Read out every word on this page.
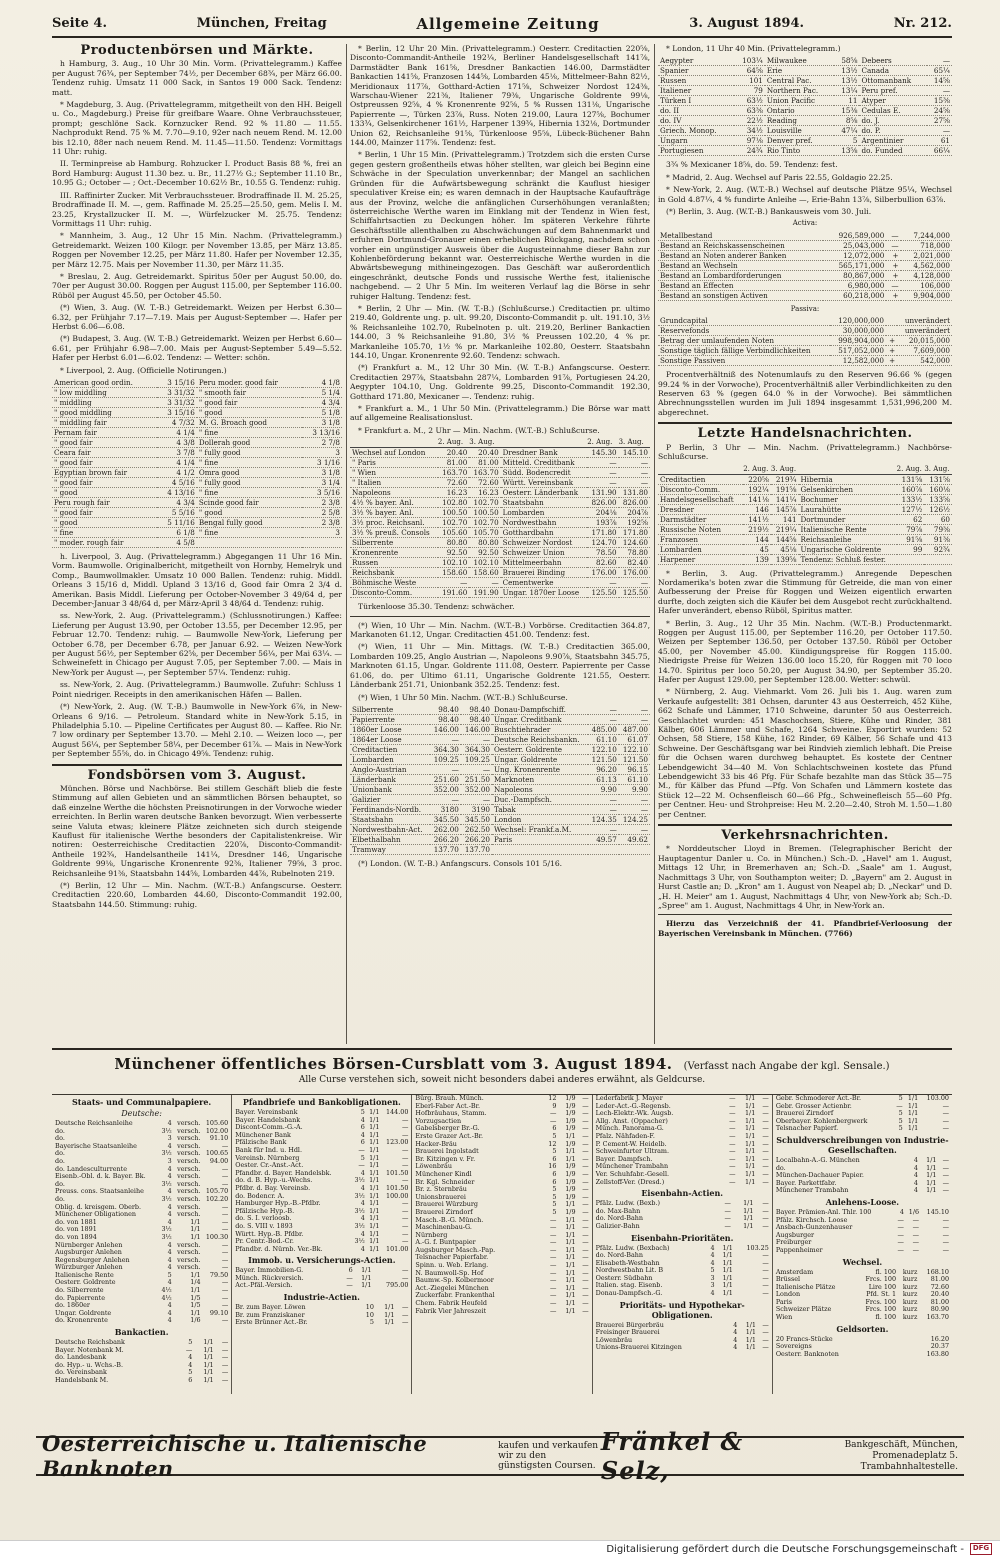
Seite 4.	München, Freitag	Allgemeine Zeitung	3. August 1894.	Nr. 212.
Productenbörsen und Märkte.
h Hamburg, 3. Aug., 10 Uhr 30 Min. Vorm. (Privattelegramm.) Kaffee per August 76¾, per September 74½, per December 68¾, per März 66.00. Tendenz ruhig. Umsatz 11 000 Sack, in Santos 19 000 Sack. Tendenz: matt.
* Magdeburg, 3. Aug. (Privattelegramm, mitgetheilt von den HH. Beigell u. Co., Magdeburg.) Preise für greifbare Waare. Ohne Verbrauchssteuer, prompt; geschlöne Sack. Kornzucker Rend. 92 % 11.80 — 11.55. Nachprodukt Rend. 75 % M. 7.70—9.10, 92er nach neuem Rend. M. 12.00 bis 12.10, 88er nach neuem Rend. M. 11.45—11.50. Tendenz: Vormittags 11 Uhr: ruhig.
II. Terminpreise ab Hamburg. Rohzucker I. Product Basis 88 %, frei an Bord Hamburg: August 11.30 bez. u. Br., 11.27½ G.; September 11.10 Br., 10.95 G.; October — ; Oct.-December 10.62½ Br., 10.55 G. Tendenz: ruhig.
III. Raffinirter Zucker. Mit Verbrauchssteuer. Brodraffinade II. M. 25.25, Brodraffinade II. M. —, gem. Raffinade M. 25.25—25.50, gem. Melis I. M. 23.25, Krystallzucker II. M. —, Würfelzucker M. 25.75. Tendenz: Vormittags 11 Uhr: ruhig.
* Mannheim, 3. Aug., 12 Uhr 15 Min. Nachm. (Privattelegramm.) Getreidemarkt. Weizen 100 Kilogr. per November 13.85, per März 13.85. Roggen per November 12.25, per März 11.80. Hafer per November 12.35, per März 12.75. Mais per November 11.30, per März 11.35.
* Breslau, 2. Aug. Getreidemarkt. Spiritus 50er per August 50.00, do. 70er per August 30.00. Roggen per August 115.00, per September 116.00. Rüböl per August 45.50, per October 45.50.
(*) Wien, 3. Aug. (W. T.-B.) Getreidemarkt. Weizen per Herbst 6.30—6.32, per Frühjahr 7.17—7.19. Mais per August-September —. Hafer per Herbst 6.06—6.08.
(*) Budapest, 3. Aug. (W. T.-B.) Getreidemarkt. Weizen per Herbst 6.60—6.61, per Frühjahr 6.98—7.00. Mais per August-September 5.49—5.52. Hafer per Herbst 6.01—6.02. Tendenz: — Wetter: schön.
* Liverpool, 2. Aug. (Officielle Notirungen.)
American good ordin.	3 15/16	Peru moder. good fair	4 1/8
" low middling	3 31/32	" smooth fair	5 1/4
" middling	3 31/32	" good fair	4 3/4
" good middling	3 15/16	" good	5 1/8
" middling fair	4 7/32	M. G. Broach good	3 1/8
Pernam fair	4 1/4	" fine	3 13/16
" good fair	4 3/8	Dollerah good	2 7/8
Ceara fair	3 7/8	" fully good	3
" good fair	4 1/4	" fine	3 1/16
Egyptian brown fair	4 1/2	Omra good	3 1/8
" good fair	4 5/16	" fully good	3 1/4
" good	4 13/16	" fine	3 5/16
Peru rough fair	4 3/4	Scinde good fair	2 3/8
" good fair	5 5/16	" good	2 5/8
" good	5 11/16	Bengal fully good	2 3/8
" fine	6 1/8	" fine	3
" moder. rough fair	4 5/8		
h. Liverpool, 3. Aug. (Privattelegramm.) Abgegangen 11 Uhr 16 Min. Vorm. Baumwolle. Originalbericht, mitgetheilt von Hornby, Hemelryk und Comp., Baumwollmakler. Umsatz 10 000 Ballen. Tendenz: ruhig. Middl. Orleans 3 15/16 d, Middl. Upland 3 13/16 d, Good fair Omra 2 3/4 d. Amerikan. Basis Middl. Lieferung per October-November 3 49/64 d, per December-Januar 3 48/64 d, per März-April 3 48/64 d. Tendenz: ruhig.
ss. New-York, 2. Aug. (Privattelegramm.) (Schlussnotirungen.) Kaffee: Lieferung per August 13.90, per October 13.55, per December 12.95, per Februar 12.70. Tendenz: ruhig. — Baumwolle New-York, Lieferung per October 6.78, per December 6.78, per Januar 6.92. — Weizen New-York per August 56½, per September 62⅝, per December 56¼, per Mai 63¼. — Schweinefett in Chicago per August 7.05, per September 7.00. — Mais in New-York per August —, per September 57¼. Tendenz: ruhig.
ss. New-York, 2. Aug. (Privattelegramm.) Baumwolle. Zufuhr: Schluss 1 Point niedriger. Receipts in den amerikanischen Häfen — Ballen.
(*) New-York, 2. Aug. (W. T.-B.) Baumwolle in New-York 6⅞, in New-Orleans 6 9/16. — Petroleum. Standard white in New-York 5.15, in Philadelphia 5.10. — Pipeline Certificates per August 80. — Kaffee. Rio Nr. 7 low ordinary per September 13.70. — Mehl 2.10. — Weizen loco —, per August 56¼, per September 58¼, per December 61⅞. — Mais in New-York per September 55⅝, do. in Chicago 49⅝. Tendenz: ruhig.
Fondsbörsen vom 3. August.
München. Börse und Nachbörse. Bei stillem Geschäft blieb die feste Stimmung auf allen Gebieten und an sämmtlichen Börsen behauptet, so daß einzelne Werthe die höchsten Preisnotirungen in der Vorwoche wieder erreichten. In Berlin waren deutsche Banken bevorzugt. Wien verbesserte seine Valuta etwas; kleinere Plätze zeichneten sich durch steigende Kauflust für italienische Werthe besonders der Capitalistenkreise. Wir notiren: Oesterreichische Creditactien 220⅞, Disconto-Commandit-Antheile 192¾, Handelsantheile 141¼, Dresdner 146, Ungarische Goldrente 99⅛, Ungarische Kronenrente 92⅜, Italiener 79⅝, 3 proc. Reichsanleihe 91⅜, Staatsbahn 144⅝, Lombarden 44⅞, Rubelnoten 219.
(*) Berlin, 12 Uhr — Min. Nachm. (W.T.-B.) Anfangscurse. Oesterr. Creditactien 220.60, Lombarden 44.60, Disconto-Commandit 192.00, Staatsbahn 144.50. Stimmung: ruhig.
* Berlin, 12 Uhr 20 Min. (Privattelegramm.) Oesterr. Creditactien 220⅝, Disconto-Commandit-Antheile 192¼, Berliner Handelsgesellschaft 141⅞, Darmstädter Bank 161⅝, Dresdner Bankactien 146.00, Darmstädter Bankactien 141⅝, Franzosen 144⅝, Lombarden 45⅛, Mittelmeer-Bahn 82½, Meridionaux 117⅞, Gotthard-Actien 171⅝, Schweizer Nordost 124⅜, Warschau-Wiener 221⅜, Italiener 79⅜, Ungarische Goldrente 99⅛, Ostpreussen 92⅝, 4 % Kronenrente 92⅝, 5 % Russen 131⅛, Ungarische Papierrente —, Türken 23⅞, Russ. Noten 219.00, Laura 127⅝, Bochumer 133¾, Gelsenkirchener 161½, Harpener 139¾, Hibernia 132⅛, Dortmunder Union 62, Reichsanleihe 91⅝, Türkenloose 95⅝, Lübeck-Büchener Bahn 144.00, Mainzer 117⅝. Tendenz: fest.
* Berlin, 1 Uhr 15 Min. (Privattelegramm.) Trotzdem sich die ersten Curse gegen gestern großentheils etwas höher stellten, war gleich bei Beginn eine Schwäche in der Speculation unverkennbar; der Mangel an sachlichen Gründen für die Aufwärtsbewegung schränkt die Kauflust hiesiger speculativer Kreise ein; es waren demnach in der Hauptsache Kaufaufträge aus der Provinz, welche die anfänglichen Curserhöhungen veranlaßten; österreichische Werthe waren im Einklang mit der Tendenz in Wien fest, Schiffahrtsactien zu Deckungen höher. Im späteren Verkehre führte Geschäftsstille allenthalben zu Abschwächungen auf dem Bahnenmarkt und erfuhren Dortmund-Gronauer einen erheblichen Rückgang, nachdem schon vorher ein ungünstiger Ausweis über die Augusteinnahme dieser Bahn zur Kohlenbeförderung bekannt war. Oesterreichische Werthe wurden in die Abwärtsbewegung mithineingezogen. Das Geschäft war außerordentlich eingeschränkt, deutsche Fonds und russische Werthe fest, italienische nachgebend. — 2 Uhr 5 Min. Im weiteren Verlauf lag die Börse in sehr ruhiger Haltung. Tendenz: fest.
* Berlin, 2 Uhr — Min. (W. T.-B.) (Schlußcurse.) Creditactien pr. ultimo 219.40, Goldrente ung. p. ult. 99.20, Disconto-Commandit p. ult. 191.10, 3½ % Reichsanleihe 102.70, Rubelnoten p. ult. 219.20, Berliner Bankactien 144.00, 3 % Reichsanleihe 91.80, 3½ % Preussen 102.20, 4 % pr. Markanleihe 105.70, 1½ % pr. Markanleihe 102.80, Oesterr. Staatsbahn 144.10, Ungar. Kronenrente 92.60. Tendenz: schwach.
(*) Frankfurt a. M., 12 Uhr 30 Min. (W. T.-B.) Anfangscurse. Oesterr. Creditactien 297⅞, Staatsbahn 287¼, Lombarden 91⅞, Portugiesen 24.20, Aegypter 104.10, Ung. Goldrente 99.25, Disconto-Commandit 192.30, Gotthard 171.80, Mexicaner —. Tendenz: ruhig.
* Frankfurt a. M., 1 Uhr 50 Min. (Privattelegramm.) Die Börse war matt auf allgemeine Realisationslust.
* Frankfurt a. M., 2 Uhr — Min. Nachm. (W.T.-B.) Schlußcurse.
	2. Aug.	3. Aug.		2. Aug.	3. Aug.
Wechsel auf London	20.40	20.40	Dresdner Bank	145.30	145.10
" Paris	81.00	81.00	Mitteld. Creditbank	—	—
" Wien	163.70	163.70	Südd. Bodencredit	—	—
" Italien	72.60	72.60	Württ. Vereinsbank	—	—
Napoleons	16.23	16.23	Oesterr. Länderbank	131.90	131.80
4½ % bayer. Anl.	102.80	102.70	Staatsbahn	826.00	826.00
3½ % bayer. Anl.	100.50	100.50	Lombarden	204⅛	204⅞
3½ proc. Reichsanl.	102.70	102.70	Nordwestbahn	193⅞	192⅝
3½ % preuß. Consols	105.60	105.70	Gotthardbahn	171.80	171.80
Silberrente	80.80	80.80	Schweizer Nordost	124.70	124.60
Kronenrente	92.50	92.50	Schweizer Union	78.50	78.80
Russen	102.10	102.10	Mittelmeerbahn	82.60	82.40
Reichsbank	158.60	158.60	Brauerei Binding	176.00	176.00
Böhmische Weste	—	—	Cementwerke	—	—
Disconto-Comm.	191.60	191.90	Ungar. 1870er Loose	125.50	125.50
Türkenloose 35.30. Tendenz: schwächer.
(*) Wien, 10 Uhr — Min. Nachm. (W.T.-B.) Vorbörse. Creditactien 364.87, Markanoten 61.12, Ungar. Creditactien 451.00. Tendenz: fest.
(*) Wien, 11 Uhr — Min. Mittags. (W. T.-B.) Creditactien 365.00, Lombarden 109.25, Anglo Austrian —, Napoleons 9.90⅞, Staatsbahn 345.75, Marknoten 61.15, Ungar. Goldrente 111.08, Oesterr. Papierrente per Casse 61.06, do. per Ultimo 61.11, Ungarische Goldrente 121.55, Oesterr. Länderbank 251.71, Unionbank 352.25. Tendenz: fest.
(*) Wien, 1 Uhr 50 Min. Nachm. (W.T.-B.) Schlußcurse.
Silberrente	98.40	98.40	Donau-Dampfschiff.	—	—
Papierrente	98.40	98.40	Ungar. Creditbank	—	—
1860er Loose	146.00	146.00	Buschtiehrader	485.00	487.00
1864er Loose	—	—	Deutsche Reichsbankn.	61.10	61.07
Creditactien	364.30	364.30	Oesterr. Goldrente	122.10	122.10
Lombarden	109.25	109.25	Ungar. Goldrente	121.50	121.50
Anglo-Austrian	—	—	Ung. Kronenrente	96.20	96.15
Länderbank	251.60	251.50	Marknoten	61.13	61.10
Unionbank	352.00	352.00	Napoleons	9.90	9.90
Galizier	—	—	Duc.-Dampfsch.	—	—
Ferdinands-Nordb.	3180	3190	Tabak	—	—
Staatsbahn	345.50	345.50	London	124.35	124.25
Nordwestbahn-Act.	262.00	262.50	Wechsel: Frankf.a.M.	—	—
Elbethalbahn	266.20	266.20	Paris	49.57	49.62
Tramway	137.70	137.70			
(*) London. (W. T.-B.) Anfangscurs. Consols 101 5/16.
* London, 11 Uhr 40 Min. (Privattelegramm.)
Aegypter	103¼	Milwaukee	58⅝	Debeers	—
Spanier	64⅝	Erie	13½	Canada	65¼
Russen	101	Central Pac.	13½	Ottomanbank	14⅝
Italiener	79	Northern Pac.	13¼	Peru pref.	—
Türken I	63½	Union Pacific	11	Atyper	15⅜
do. II	63⅜	Ontario	15⅜	Cedulas E.	24⅝
do. IV	22½	Reading	8⅝	do. J.	27⅝
Griech. Monop.	34½	Louisville	47¼	do. P.	—
Ungarn	97⅛	Denver pref.	5	Argentinier	61
Portugiesen	24¾	Rio Tinto	13⅝	do. Funded	66¼
3¾ % Mexicaner 18⅝, do. 59. Tendenz: fest.
* Madrid, 2. Aug. Wechsel auf Paris 22.55, Goldagio 22.25.
* New-York, 2. Aug. (W.T.-B.) Wechsel auf deutsche Plätze 95¼, Wechsel in Gold 4.87¼, 4 % fundirte Anleihe —, Erie-Bahn 13⅞, Silberbullion 63⅞.
(*) Berlin, 3. Aug. (W.T.-B.) Bankausweis vom 30. Juli.
Activa:
Metallbestand	926,589,000	—	7,244,000
Bestand an Reichskassenscheinen	25,043,000	—	718,000
Bestand an Noten anderer Banken	12,072,000	+	2,021,000
Bestand an Wechseln	565,171,000	+	4,562,000
Bestand an Lombardforderungen	80,867,000	+	4,128,000
Bestand an Effecten	6,980,000	—	106,000
Bestand an sonstigen Activen	60,218,000	+	9,904,000
Passiva:
Grundcapital	120,000,000		unverändert
Reservefonds	30,000,000		unverändert
Betrag der umlaufenden Noten	998,904,000	+	20,015,000
Sonstige täglich fällige Verbindlichkeiten	517,052,000	+	7,609,000
Sonstige Passiven	12,582,000	+	542,000
Procentverhältniß des Notenumlaufs zu den Reserven 96.66 % (gegen 99.24 % in der Vorwoche), Procentverhältniß aller Verbindlichkeiten zu den Reserven 63 % (gegen 64.0 % in der Vorwoche). Bei sämmtlichen Abrechnungsstellen wurden im Juli 1894 insgesammt 1,531,996,200 M. abgerechnet.
Letzte Handelsnachrichten.
P Berlin, 3 Uhr — Min. Nachm. (Privattelegramm.) Nachbörse-Schlußcurse.
	2. Aug.	3. Aug.		2. Aug.	3. Aug.
Creditactien	220⅝	219¾	Hibernia	131⅝	131⅝
Disconto-Comm.	192¼	191⅝	Gelsenkirchen	160⅞	160⅛
Handelsgesellschaft	141⅛	141¼	Bochumer	133½	133⅝
Dresdner	146	145⅞	Laurahütte	127½	126½
Darmstädter	141½	141	Dortmunder	62	60
Russische Noten	219½	219¼	Italienische Rente	79⅞	79⅜
Franzosen	144	144⅝	Reichsanleihe	91⅝	91⅜
Lombarden	45	45⅛	Ungarische Goldrente	99	92¾
Harpener	139	139⅝	Tendenz: Schluß fester.		
* Berlin, 3. Aug. (Privattelegramm.) Anregende Depeschen Nordamerika's boten zwar die Stimmung für Getreide, die man von einer Aufbesserung der Preise für Roggen und Weizen eigentlich erwarten durfte, doch zeigten sich die Käufer bei dem Ausgebot recht zurückhaltend. Hafer unverändert, ebenso Rüböl, Spiritus matter.
* Berlin, 3. Aug., 12 Uhr 35 Min. Nachm. (W.T.-B.) Productenmarkt. Roggen per August 115.00, per September 116.20, per October 117.50. Weizen per September 136.50, per October 137.50. Rüböl per October 45.00, per November 45.00. Kündigungspreise für Roggen 115.00. Niedrigste Preise für Weizen 136.00 loco 15.20, für Roggen mit 70 loco 14.70. Spiritus per loco 50.20, per August 34.90, per September 35.20. Hafer per August 129.00, per September 128.00. Wetter: schwül.
* Nürnberg, 2. Aug. Viehmarkt. Vom 26. Juli bis 1. Aug. waren zum Verkaufe aufgestellt: 381 Ochsen, darunter 43 aus Oesterreich, 452 Kühe, 662 Schafe und Lämmer, 1710 Schweine, darunter 50 aus Oesterreich. Geschlachtet wurden: 451 Maschochsen, Stiere, Kühe und Rinder, 381 Kälber, 606 Lämmer und Schafe, 1264 Schweine. Exportirt wurden: 52 Ochsen, 58 Stiere, 158 Kühe, 162 Rinder, 69 Kälber, 56 Schafe und 413 Schweine. Der Geschäftsgang war bei Rindvieh ziemlich lebhaft. Die Preise für die Ochsen waren durchweg behauptet. Es kostete der Centner Lebendgewicht 34—40 M. Von Schlachtschweinen kostete das Pfund Lebendgewicht 33 bis 46 Pfg. Für Schafe bezahlte man das Stück 35—75 M., für Kälber das Pfund —Pfg. Von Schafen und Lämmern kostete das Stück 12—22 M. Ochsenfleisch 60—66 Pfg., Schweinefleisch 55—60 Pfg. per Centner. Heu- und Strohpreise: Heu M. 2.20—2.40, Stroh M. 1.50—1.80 per Centner.
Verkehrsnachrichten.
* Norddeutscher Lloyd in Bremen. (Telegraphischer Bericht der Hauptagentur Danler u. Co. in München.) Sch.-D. „Havel" am 1. August, Mittags 12 Uhr, in Bremerhaven an; Sch.-D. „Saale" am 1. August, Nachmittags 3 Uhr, von Southampton weiter; D. „Bayern" am 2. August in Hurst Castle an; D. „Kron" am 1. August von Neapel ab; D. „Neckar" und D. „H. H. Meier" am 1. August, Nachmittags 4 Uhr, von New-York ab; Sch.-D. „Spree" am 1. August, Nachmittags 4 Uhr, in New-York an.
Hierzu das Verzeichniß der 41. Pfandbrief-Verloosung der Bayerischen Vereinsbank in München. (7766)
Münchener öffentliches Börsen-Cursblatt vom 3. August 1894. (Verfasst nach Angabe der kgl. Sensale.)
Alle Curse verstehen sich, soweit nicht besonders dabei anderes erwähnt, als Geldcurse.
Staats- und Communalpapiere.
Deutsche:
Deutsche Reichsanleihe	4	versch.	105.60
do.	3½	versch.	102.00
do.	3	versch.	91.10
Bayerische Staatsanleihe	4	versch.	—
do.	3½	versch.	100.65
do.	3	versch.	94.00
do. Landesculturrente	4	versch.	—
Eisenb.-Obl. d. k. Bayer. Bk.	4	versch.	—
do.	3½	versch.	—
Preuss. cons. Staatsanleihe	4	versch.	105.70
do.	3½	versch.	102.20
Oblig. d. kreisgem. Oberb.	4	versch.	—
Münchener Obligationen	4	versch.	—
do. von 1881	4	1/1	—
do. von 1891	3½	1/1	—
do. von 1894	3½	1/1	100.30
Nürnberger Anlehen	4	versch.	—
Augsburger Anlehen	4	versch.	—
Regensburger Anlehen	4	versch.	—
Würzburger Anlehen	4	versch.	—
Italienische Rente	5	1/1	79.50
Oesterr. Goldrente	4	1/4	—
do. Silberrente	4½	1/1	—
do. Papierrente	4½	1/5	—
do. 1860er	4	1/5	—
Ungar. Goldrente	4	1/1	99.10
do. Kronenrente	4	1/6	—
Bankactien.
Deutsche Reichsbank	5	1/1	—
Bayer. Notenbank M.	—	1/1	—
do. Landesbank	4	1/1	—
do. Hyp.- u. Wchs.-B.	4	1/1	—
do. Vereinsbank	5	1/1	—
Handelsbank M.	6	1/1	—
Pfandbriefe und Bankobligationen.
Bayer. Vereinsbank	5	1/1	144.00
Bayer. Handelsbank	4	1/1	—
Discont-Comm.-G.-A.	6	1/1	—
Münchener Bank	4	1/1	—
Pfälzische Bank	6	1/1	123.00
Bank für Ind. u. Hdl.	—	1/1	—
Vereinsb. Nürnberg	5	1/1	—
Oester. Cr.-Anst.-Act.	—	1/1	—
Pfandbr. d. Bayer. Handelsbk.	4	1/1	101.50
do. d. B. Hyp.-u.-Wechs.	3½	1/1	—
Pfdbr. d. Bay. Vereinsb.	4	1/1	101.50
do. Bodencr. A.	3½	1/1	100.00
Hamburger Hyp.-B.-Pfdbr.	4	1/1	—
Pfälzische Hyp.-B.	3½	1/1	—
do. S. I. verloosb.	4	1/1	—
do. S. VIII v. 1893	3½	1/1	—
Württ. Hyp.-B. Pfdbr.	4	1/1	—
Pr. Centr.-Bod.-Cr.	3½	1/1	—
Pfandbr. d. Nürnb. Ver.-Bk.	4	1/1	101.00
Immob. u. Versicherungs-Actien.
Bayer. Immobilien-G.	6	1/1	—
Münch. Rückversich.	—	1/1	—
Act.-Pfäl.-Versich.	—	1/1	795.00
Industrie-Actien.
Br. zum Bayer. Löwen	10	1/1	—
Br. zum Franziskaner	10	1/1	—
Erste Brünner Act.-Br.	5	1/1	—
Bürg. Brauh. Münch.	12	1/9	—
Eberl-Faber Act.-Br.	9	1/9	—
Hofbräuhaus, Stamm.	—	1/9	—
Vorzugsactien	—	1/9	—
Gabelsberger Br.-G.	6	1/9	—
Erste Grazer Act.-Br.	5	1/1	—
Hacker-Bräu	12	1/9	—
Brauerei Ingolstadt	5	1/1	—
Br. Kitzingen v. Fr.	6	1/1	—
Löwenbräu	16	1/9	—
Münchener Kindl	6	1/9	—
Br. Kgl. Schneider	6	1/9	—
Br. z. Sternbräu	5	1/9	—
Unionsbrauerei	5	1/9	—
Brauerei Würzburg	5	1/1	—
Brauerei Zirndorf	5	1/9	—
Masch.-B.-G. Münch.	—	1/1	—
Maschinenbau-G.	—	1/1	—
Nürnberg	—	1/1	—
A.-G. f. Buntpapier	—	1/1	—
Augsburger Masch.-Pap.	—	1/1	—
Telsnacher Papierfabr.	—	1/1	—
Spinn. u. Web. Erlang.	—	1/1	—
N. Baumwoll-Sp. Hof	—	1/1	—
Baumw.-Sp. Kolbermoor	—	1/1	—
Act.-Ziegelei München	—	1/1	—
Zuckerfabr. Frankenthal	—	1/1	—
Chem. Fabrik Heufeld	—	1/1	—
Fabrik Vier Jahreszeit	—	1/1	—
Lederfabrik J. Mayer	—	1/1	—
Leder-Act.-G.-Regensb.	—	1/1	—
Lech-Elektr.-Wk. Augsb.	—	1/1	—
Allg. Anst. (Oppacher)	—	1/1	—
Münch. Panorama-G.	—	1/1	—
Pfalz. Nähfaden-F.	—	1/1	—
P. Cement-W. Heidelb.	—	1/1	—
Schweinfurter Ultram.	—	1/1	—
Bayer. Dampfsch.	—	1/1	—
Münchener Trambahn	—	1/1	—
Ver. Schuhfabr.-Gesell.	—	1/1	—
Zellstoff-Ver. (Dresd.)	—	1/1	—
Eisenbahn-Actien.
Pfälz. Ludw. (Bexb.)	—	1/1	—
do. Max-Bahn	—	1/1	—
do. Nord-Bahn	—	1/1	—
Galizier-Bahn	—	1/1	—
Eisenbahn-Prioritäten.
Pfälz. Ludw. (Bexbach)	4	1/1	103.25
do. Nord-Bahn	4	1/1	—
Elisabeth-Westbahn	4	1/1	—
Nordwestbahn Lit. B	5	1/1	—
Oesterr. Südbahn	3	1/1	—
Italien. stag. Eisenb.	3	1/1	—
Donau-Dampfsch.-G.	4	1/1	—
Prioritäts- und Hypothekar-Obligationen.
Brauerei Bürgerbräu	4	1/1	—
Freisinger Brauerei	4	1/1	—
Löwenbräu	4	1/1	—
Unions-Brauerei Kitzingen	4	1/1	—
Gebr. Schmoderer Act.-Br.	5	1/1	103.00
Gebr. Grosser Actienbr.	—	1/1	—
Brauerei Zirndorf	5	1/1	—
Oberbayer. Kohlenbergwerk	5	1/1	—
Telsnacher Papierf.	5	1/1	—
Schuldverschreibungen von Industrie-Gesellschaften.
Localbahn-A.-G. München	4	1/1	—
do.	4	1/1	—
München-Dachauer Papier.	4	1/1	—
Bayer. Parkettfabr.	4	1/1	—
Münchener Trambahn	4	1/1	—
Anlehens-Loose.
Bayer. Prämien-Anl. Thlr. 100	4	1/6	145.10
Pfälz. Kirchsch. Loose	—	—	—
Ansbach-Gunzenhauser	—	—	—
Augsburger	—	—	—
Freiburger	—	—	—
Pappenheimer	—	—	—
Wechsel.
Amsterdam	fl. 100	kurz	168.10
Brüssel	Frcs. 100	kurz	81.00
Italienische Plätze	Lire 100	kurz	72.60
London	Pfd. St. 1	kurz	20.40
Paris	Frcs. 100	kurz	81.00
Schweizer Plätze	Frcs. 100	kurz	80.90
Wien	fl. 100	kurz	163.70
Geldsorten.
20 Francs-Stücke			16.20
Sovereigns			20.37
Oesterr. Banknoten			163.80
Oesterreichische u. Italienische Banknoten
kaufen und verkaufen wir zu den günstigsten Coursen.
Fränkel & Selz,
Bankgeschäft, München, Promenadeplatz 5. Trambahnhaltestelle.
Digitalisierung gefördert durch die Deutsche Forschungsgemeinschaft -	DFG
